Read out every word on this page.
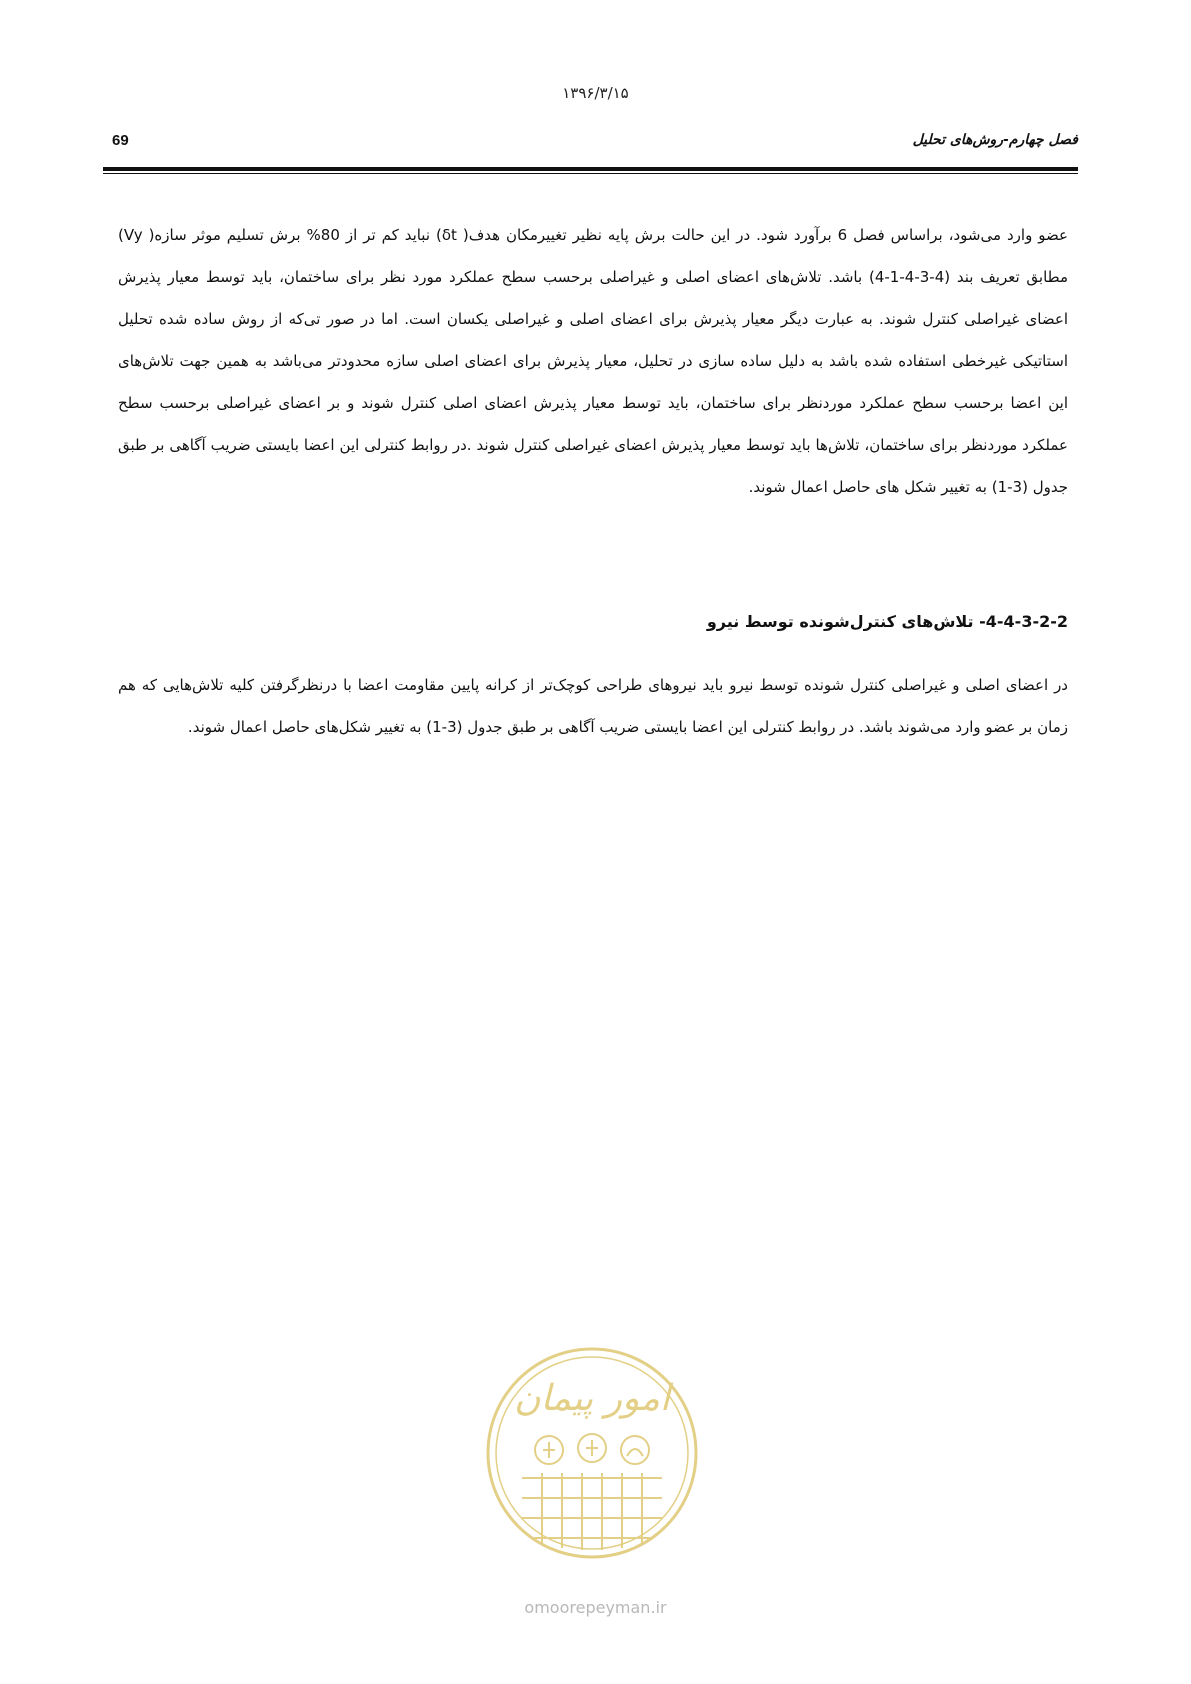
۱۳۹۶/۳/۱۵
69	فصل چهارم-روش‌های تحلیل
عضو وارد می‌شود، براساس فصل 6 برآورد شود. در این حالت برش پایه نظیر تغییرمکان هدف( δt) نباید کم تر از 80% برش تسلیم موثر سازه( Vy) مطابق تعریف بند (4-3-4-1-4) باشد. تلاش‌های اعضای اصلی و غیراصلی برحسب سطح عملکرد مورد نظر برای ساختمان، باید توسط معیار پذیرش اعضای غیراصلی کنترل شوند. به عبارت دیگر معیار پذیرش برای اعضای اصلی و غیراصلی یکسان است. اما در صور تی‌که از روش ساده شده تحلیل استاتیکی غیرخطی استفاده شده باشد به دلیل ساده سازی در تحلیل، معیار پذیرش برای اعضای اصلی سازه محدودتر می‌باشد به همین جهت تلاش‌های این اعضا برحسب سطح عملکرد موردنظر برای ساختمان، باید توسط معیار پذیرش اعضای اصلی کنترل شوند و بر اعضای غیراصلی برحسب سطح عملکرد موردنظر برای ساختمان، تلاش‌ها باید توسط معیار پذیرش اعضای غیراصلی کنترل شوند .در روابط کنترلی این اعضا بایستی ضریب آگاهی بر طبق جدول (3-1) به تغییر شکل های حاصل اعمال شوند.
4-4-3-2-2- تلاش‌های کنترل‌شونده توسط نیرو
در اعضای اصلی و غیراصلی کنترل شونده توسط نیرو باید نیروهای طراحی کوچک‌تر از کرانه پایین مقاومت اعضا با درنظرگرفتن کلیه تلاش‌هایی که هم زمان بر عضو وارد می‌شوند باشد. در روابط کنترلی این اعضا بایستی ضریب آگاهی بر طبق جدول (3-1) به تغییر شکل‌های حاصل اعمال شوند.
امور پیمان
omoorepeyman.ir
